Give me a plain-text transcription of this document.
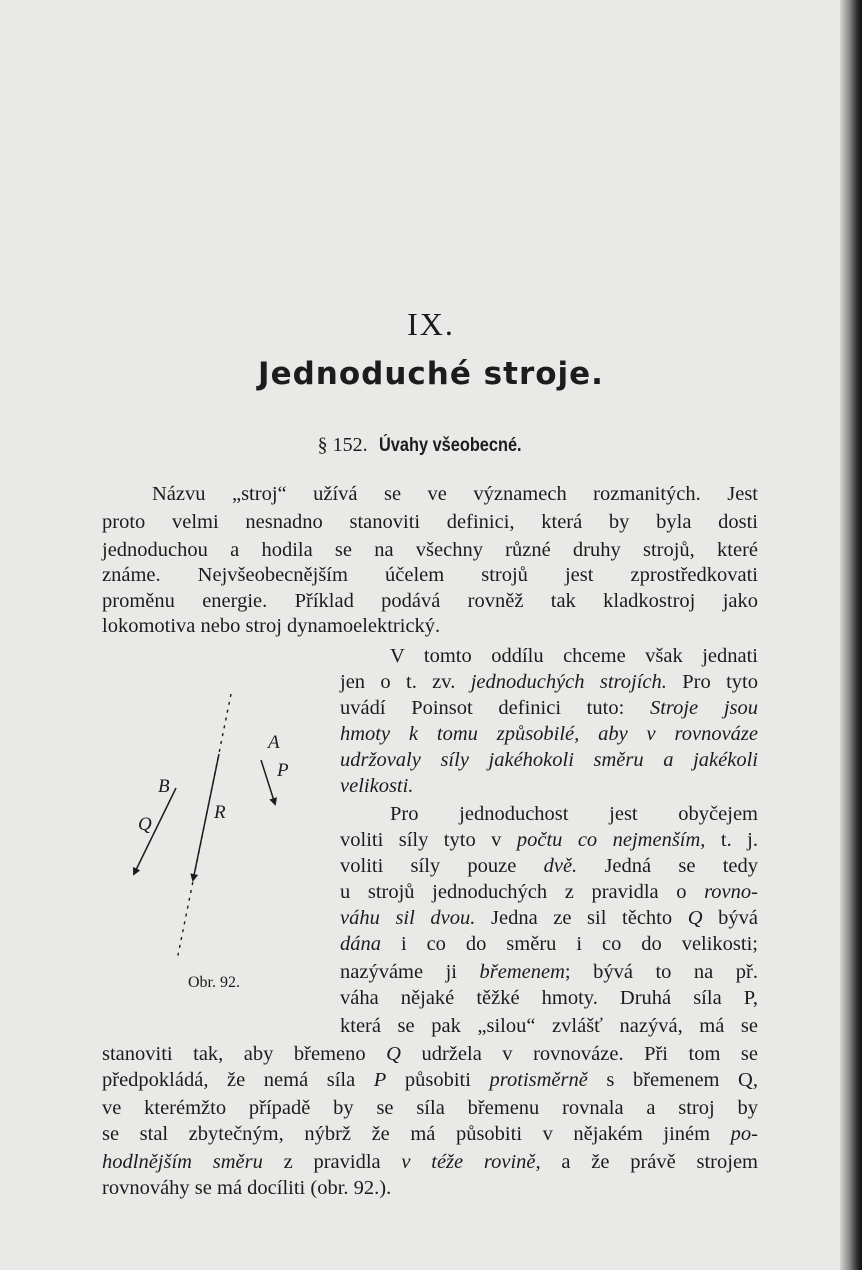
IX.
Jednoduché stroje.
§ 152. Úvahy všeobecné.

Názvu „stroj“ užívá se ve významech rozmanitých. Jest

proto velmi nesnadno stanoviti definici, která by byla dosti

jednoduchou a hodila se na všechny různé druhy strojů, které

známe. Nejvšeobecnějším účelem strojů jest zprostředkovati

proměnu energie. Příklad podává rovněž tak kladkostroj jako

lokomotiva nebo stroj dynamoelektrický.

V tomto oddílu chceme však jednati

jen o t. zv. jednoduchých strojích. Pro tyto

uvádí Poinsot definici tuto: Stroje jsou

hmoty k tomu způsobilé, aby v rovnováze

udržovaly síly jakéhokoli směru a jakékoli

velikosti.

Pro jednoduchost jest obyčejem

voliti síly tyto v počtu co nejmenším, t. j.

voliti síly pouze dvě. Jedná se tedy

u strojů jednoduchých z pravidla o rovno-

váhu sil dvou. Jedna ze sil těchto Q bývá

dána i co do směru i co do velikosti;

nazýváme ji břemenem; bývá to na př.

váha nějaké těžké hmoty. Druhá síla P,

která se pak „silou“ zvlášť nazývá, má se

stanoviti tak, aby břemeno Q udržela v rovnováze. Při tom se

předpokládá, že nemá síla P působiti protisměrně s břemenem Q,

ve kterémžto případě by se síla břemenu rovnala a stroj by

se stal zbytečným, nýbrž že má působiti v nějakém jiném po-

hodlnějším směru z pravidla v téže rovině, a že právě strojem

rovnováhy se má docíliti (obr. 92.).

A
P
B
Q
R
Obr. 92.
